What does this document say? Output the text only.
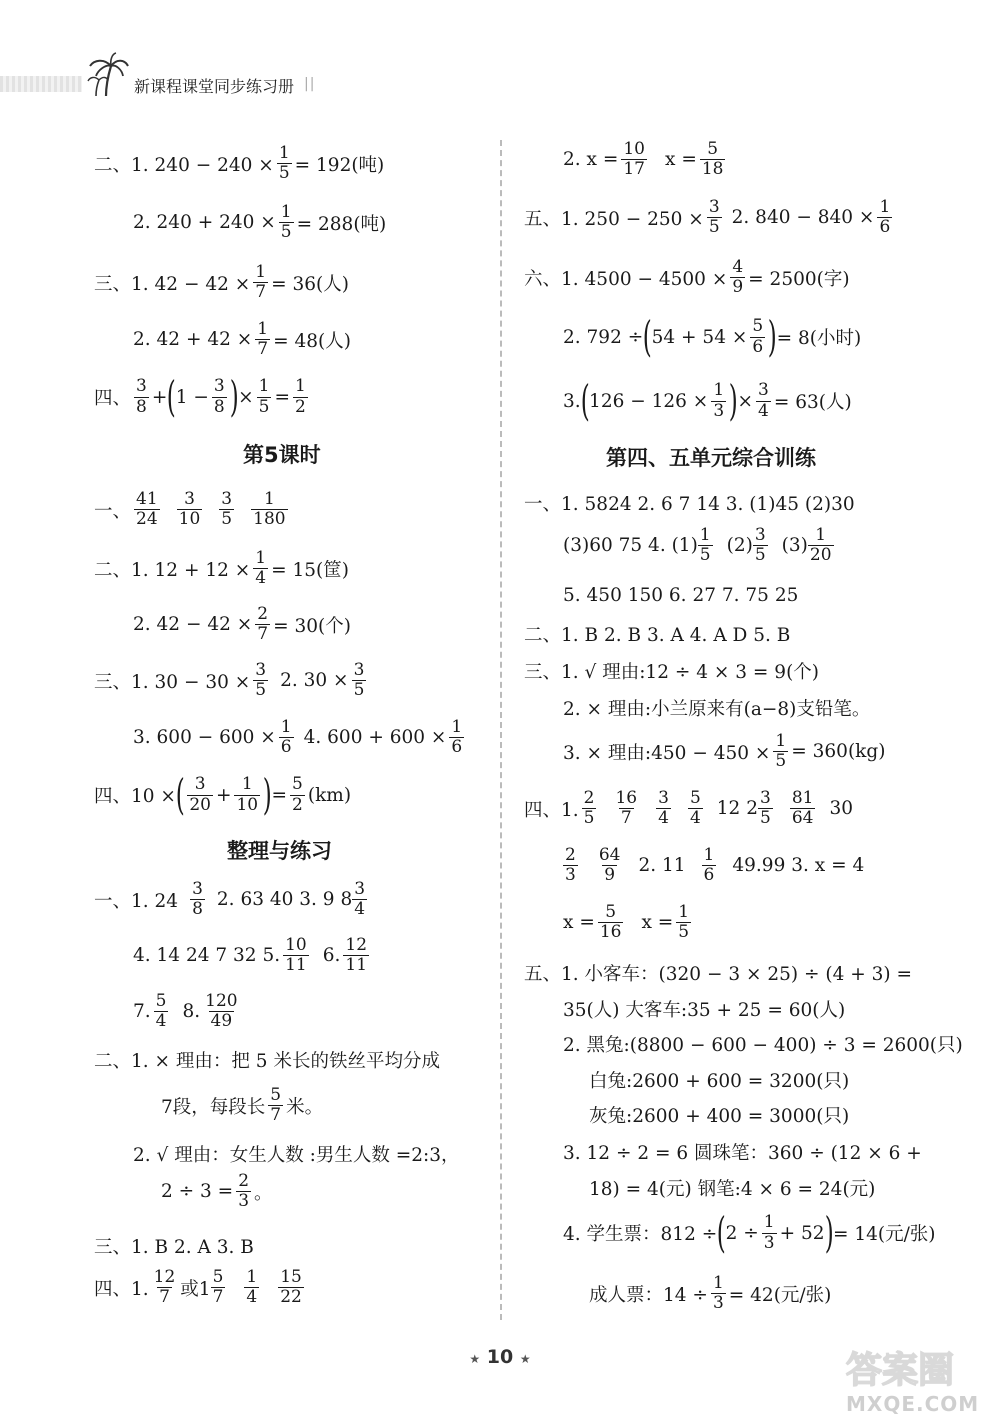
新课程课堂同步练习册 ||
二、1. $240 - 240 \times \frac{1}{5} = 192$(吨)
2. $240 + 240 \times \frac{1}{5} = 288$(吨)
三、1. $42 - 42 \times \frac{1}{7} = 36$(人)
2. $42 + 42 \times \frac{1}{7} = 48$(人)
四、 $\frac{3}{8}$ + ( $1 - \frac{3}{8}$ ) × $\frac{1}{5} = \frac{1}{2}$
第5课时
一、 $\frac{41}{24} \frac{3}{10} \frac{3}{5} \frac{1}{180}$
二、1. $12 + 12 \times \frac{1}{4} = 15$(筐)
2. $42 - 42 \times \frac{2}{7} = 30$(个)
三、1. $30 - 30 \times \frac{3}{5} 2$. $30 \times \frac{3}{5}$
3. $600 - 600 \times \frac{1}{6} 4$. $600 + 600 \times \frac{1}{6}$
四、10 × ( $\frac{3}{20} + \frac{1}{10}$ ) = $\frac{5}{2} (km)$
整理与练习
一、1. $24 \frac{3}{8} 2$. 63 40 3. 9 $8 \frac{3}{4}$
4. 14 24 7 32 5. $\frac{10}{11} 6$. $\frac{12}{11}$
7. $\frac{5}{4} 8$. $\frac{120}{49}$
二、1. × 理由：把 5 米长的铁丝平均分成
7段，每段长 $\frac{5}{7}$ 米。
2. √ 理由：女生人数 :男生人数 =2:3，
$2 \div 3 = \frac{2}{3}$ 。
三、1. B 2. A 3. B
四、1. $\frac{12}{7}$ 或$1 \frac{5}{7} \frac{1}{4} \frac{15}{22}$
2. $x = \frac{10}{17}$ $x = \frac{5}{18}$
五、1. $250 - 250 \times \frac{3}{5} 2$. $840 - 840 \times \frac{1}{6}$
六、1. $4500 - 4500 \times \frac{4}{9} = 2500$(字)
2. 792 ÷ ( $54 + 54 \times \frac{5}{6}$ ) = 8(小时)
3. ( $126 - 126 \times \frac{1}{3}$ ) × $\frac{3}{4} = 63$(人)
第四、五单元综合训练
一、1. 5824 2. 6 7 14 3. (1)45 (2)30
(3)60 75 4. $(1) \frac{1}{5} (2) \frac{3}{5} (3) \frac{1}{20}$
5. 450 150 6. 27 7. 75 25
二、1. B 2. B 3. A 4. A D 5. B
三、1. √ 理由:12 ÷ 4 × 3 = 9(个)
2. × 理由:小兰原来有(a−8)支铅笔。
3. × 理由:450 − $450 \times \frac{1}{5} = 360(kg)$
四、1. $\frac{2}{5} \frac{16}{7} \frac{3}{4} \frac{5}{4} 12$ $2 \frac{3}{5} \frac{81}{64} 30$
$\frac{2}{3} \frac{64}{9} 2$. $11 \frac{1}{6} 49.99$ 3. x = 4
$x = \frac{5}{16}$ $x = \frac{1}{5}$
五、1. 小客车：(320 − 3 × 25) ÷ (4 + 3) =
35(人) 大客车:35 + 25 = 60(人)
2. 黑兔:(8800 − 600 − 400) ÷ 3 = 2600(只)
白兔:2600 + 600 = 3200(只)
灰兔:2600 + 400 = 3000(只)
3. 12 ÷ 2 = 6 圆珠笔：360 ÷ (12 × 6 +
18) = 4(元) 钢笔:4 × 6 = 24(元)
4. 学生票：812 ÷ ( $2 \div \frac{1}{3} + 52$ ) = 14(元/张)
成人票：$14 \div \frac{1}{3} = 42$(元/张)
★ 10 ★	答案圈
MXQE.COM
